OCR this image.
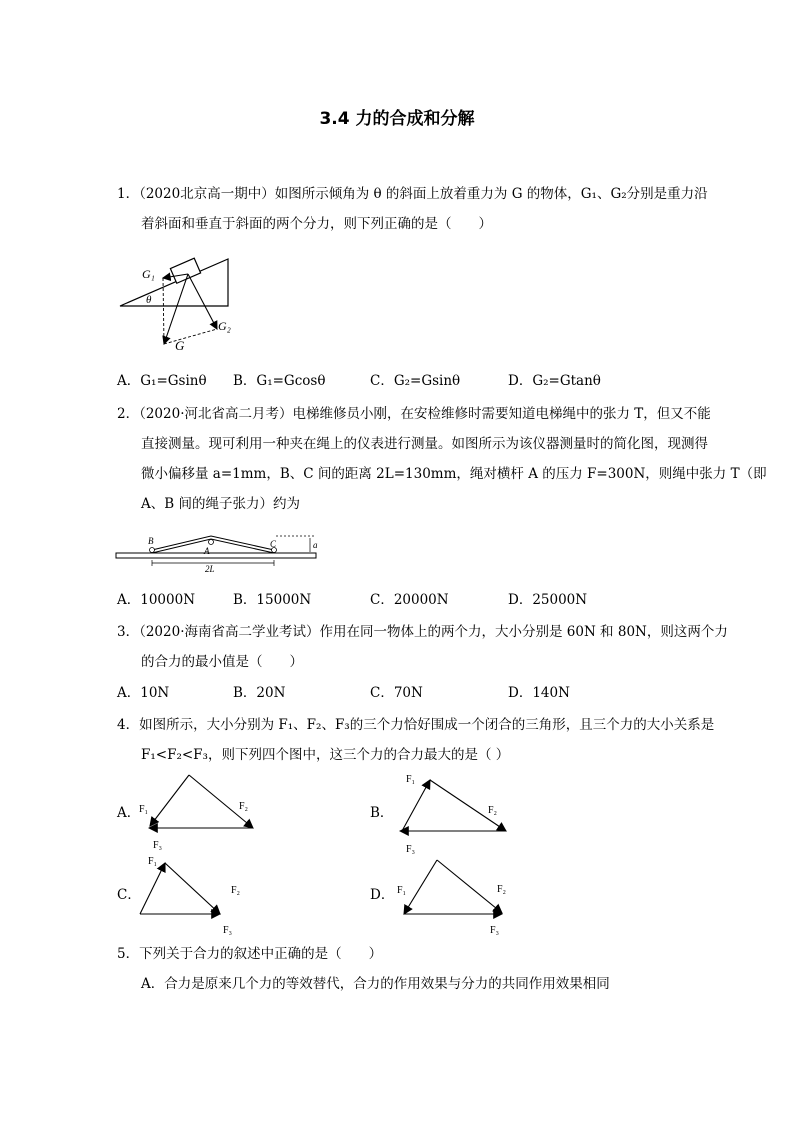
3.4 力的合成和分解
1．（2020北京高一期中）如图所示倾角为 θ 的斜面上放着重力为 G 的物体，G₁、G₂分别是重力沿
着斜面和垂直于斜面的两个分力，则下列正确的是（　　）
G₁
G₂
G
θ
A．G₁=Gsinθ B．G₁=Gcosθ	C．G₂=Gsinθ	D．G₂=Gtanθ
2．（2020·河北省高二月考）电梯维修员小刚，在安检维修时需要知道电梯绳中的张力 T，但又不能
直接测量。现可利用一种夹在绳上的仪表进行测量。如图所示为该仪器测量时的简化图，现测得
微小偏移量 a=1mm，B、C 间的距离 2L=130mm，绳对横杆 A 的压力 F=300N，则绳中张力 T（即
A、B 间的绳子张力）约为
B
A
C	a
2L
A．10000N	B．15000N	C．20000N	D．25000N
3．（2020·海南省高二学业考试）作用在同一物体上的两个力，大小分别是 60N 和 80N，则这两个力
的合力的最小值是（　　）
A．10N	B．20N	C．70N	D．140N
4．如图所示，大小分别为 F₁、F₂、F₃的三个力恰好围成一个闭合的三角形，且三个力的大小关系是
F₁<F₂<F₃，则下列四个图中，这三个力的合力最大的是（ ）
A．	B．
C．	D．
F₁	F₂
F₃
F₁
F₂
F₃
F₁
F₂
F₃
F₁	F₂
F₃
5．下列关于合力的叙述中正确的是（　　）
A．合力是原来几个力的等效替代，合力的作用效果与分力的共同作用效果相同
